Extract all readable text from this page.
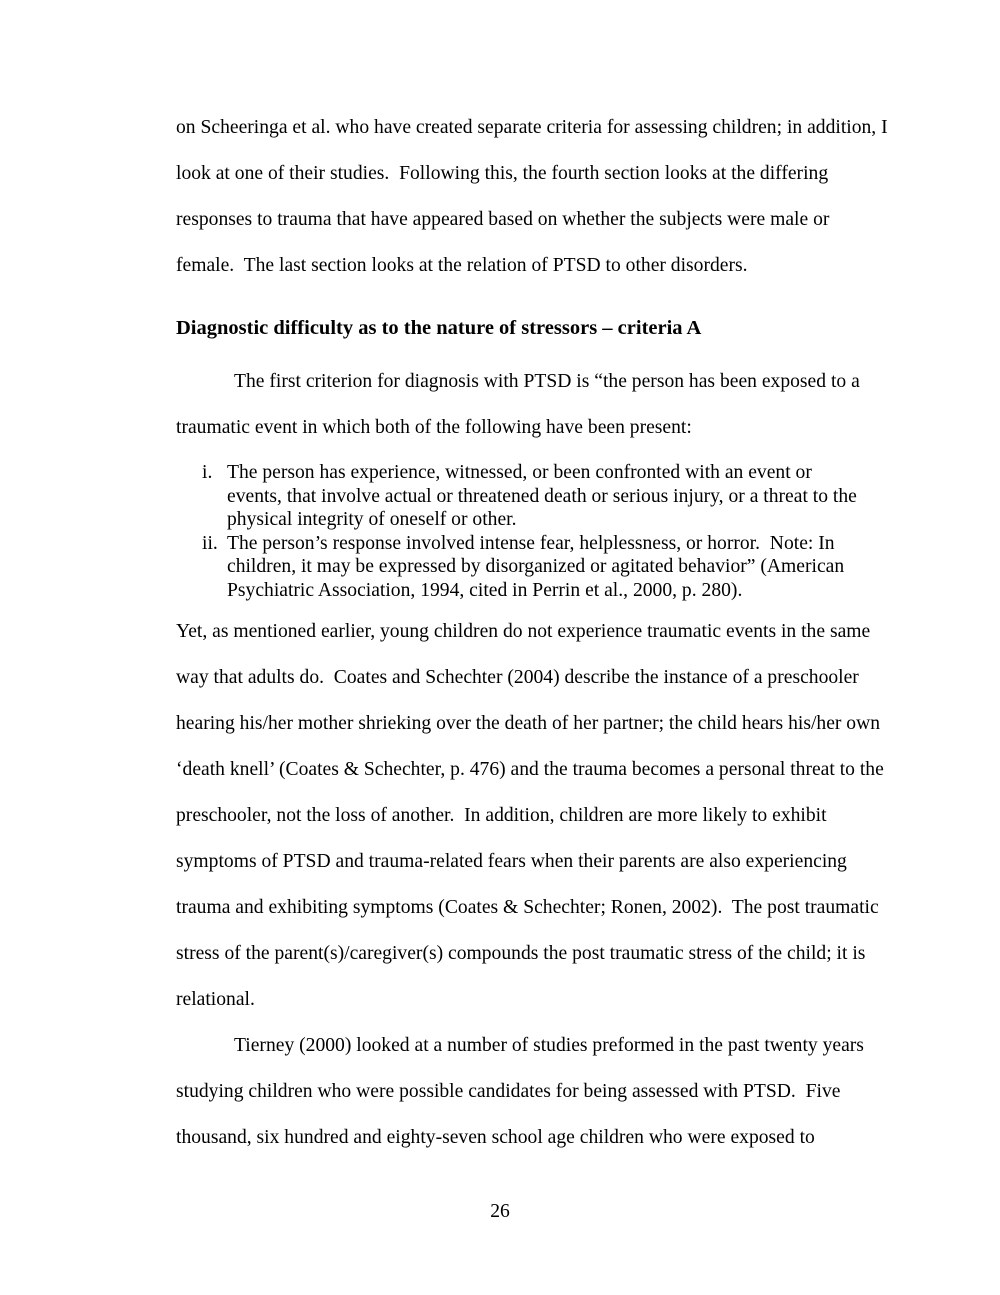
on Scheeringa et al. who have created separate criteria for assessing children; in addition, I look at one of their studies.  Following this, the fourth section looks at the differing responses to trauma that have appeared based on whether the subjects were male or female.  The last section looks at the relation of PTSD to other disorders.

Diagnostic difficulty as to the nature of stressors – criteria A

The first criterion for diagnosis with PTSD is “the person has been exposed to a traumatic event in which both of the following have been present:

i. The person has experience, witnessed, or been confronted with an event or events, that involve actual or threatened death or serious injury, or a threat to the physical integrity of oneself or other.
ii. The person’s response involved intense fear, helplessness, or horror.  Note: In children, it may be expressed by disorganized or agitated behavior” (American Psychiatric Association, 1994, cited in Perrin et al., 2000, p. 280).

Yet, as mentioned earlier, young children do not experience traumatic events in the same way that adults do.  Coates and Schechter (2004) describe the instance of a preschooler hearing his/her mother shrieking over the death of her partner; the child hears his/her own ‘death knell’ (Coates & Schechter, p. 476) and the trauma becomes a personal threat to the preschooler, not the loss of another.  In addition, children are more likely to exhibit symptoms of PTSD and trauma-related fears when their parents are also experiencing trauma and exhibiting symptoms (Coates & Schechter; Ronen, 2002).  The post traumatic stress of the parent(s)/caregiver(s) compounds the post traumatic stress of the child; it is relational.

Tierney (2000) looked at a number of studies preformed in the past twenty years studying children who were possible candidates for being assessed with PTSD.  Five thousand, six hundred and eighty-seven school age children who were exposed to

26
